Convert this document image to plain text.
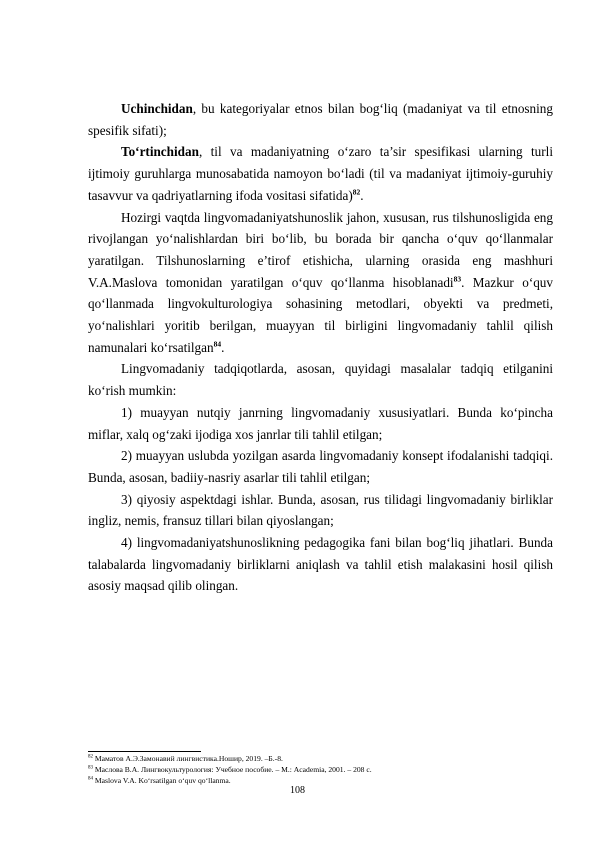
Uchinchidan, bu kategoriyalar etnos bilan bog‘liq (madaniyat va til etnosning spesifik sifati);

To‘rtinchidan, til va madaniyatning o‘zaro ta’sir spesifikasi ularning turli ijtimoiy guruhlarga munosabatida namoyon bo‘ladi (til va madaniyat ijtimoiy-guruhiy tasavvur va qadriyatlarning ifoda vositasi sifatida)$^{82}$.

Hozirgi vaqtda lingvomadaniyatshunoslik jahon, xususan, rus tilshunosligida eng rivojlangan yo‘nalishlardan biri bo‘lib, bu borada bir qancha o‘quv qo‘llanmalar yaratilgan. Tilshunoslarning e’tirof etishicha, ularning orasida eng mashhuri V.A.Maslova tomonidan yaratilgan o‘quv qo‘llanma hisoblanadi$^{83}$. Mazkur o‘quv qo‘llanmada lingvokulturologiya sohasining metodlari, obyekti va predmeti, yo‘nalishlari yoritib berilgan, muayyan til birligini lingvomadaniy tahlil qilish namunalari ko‘rsatilgan$^{84}$.

Lingvomadaniy tadqiqotlarda, asosan, quyidagi masalalar tadqiq etilganini ko‘rish mumkin:

1) muayyan nutqiy janrning lingvomadaniy xususiyatlari. Bunda ko‘pincha miflar, xalq og‘zaki ijodiga xos janrlar tili tahlil etilgan;

2) muayyan uslubda yozilgan asarda lingvomadaniy konsept ifodalanishi tadqiqi. Bunda, asosan, badiiy-nasriy asarlar tili tahlil etilgan;

3) qiyosiy aspektdagi ishlar. Bunda, asosan, rus tilidagi lingvomadaniy birliklar ingliz, nemis, fransuz tillari bilan qiyoslangan;

4) lingvomadaniyatshunoslikning pedagogika fani bilan bog‘liq jihatlari. Bunda talabalarda lingvomadaniy birliklarni aniqlash va tahlil etish malakasini hosil qilish asosiy maqsad qilib olingan.

$^{82}$ Маматов А.Э.Замонавий лингвистика.Ношир, 2019. –Б.-8.
$^{83}$ Маслова В.А. Лингвокультурология: Учебное пособие. – М.: Academia, 2001. – 208 с.
$^{84}$ Maslova V.A. Ko‘rsatilgan o‘quv qo‘llanma.
108
